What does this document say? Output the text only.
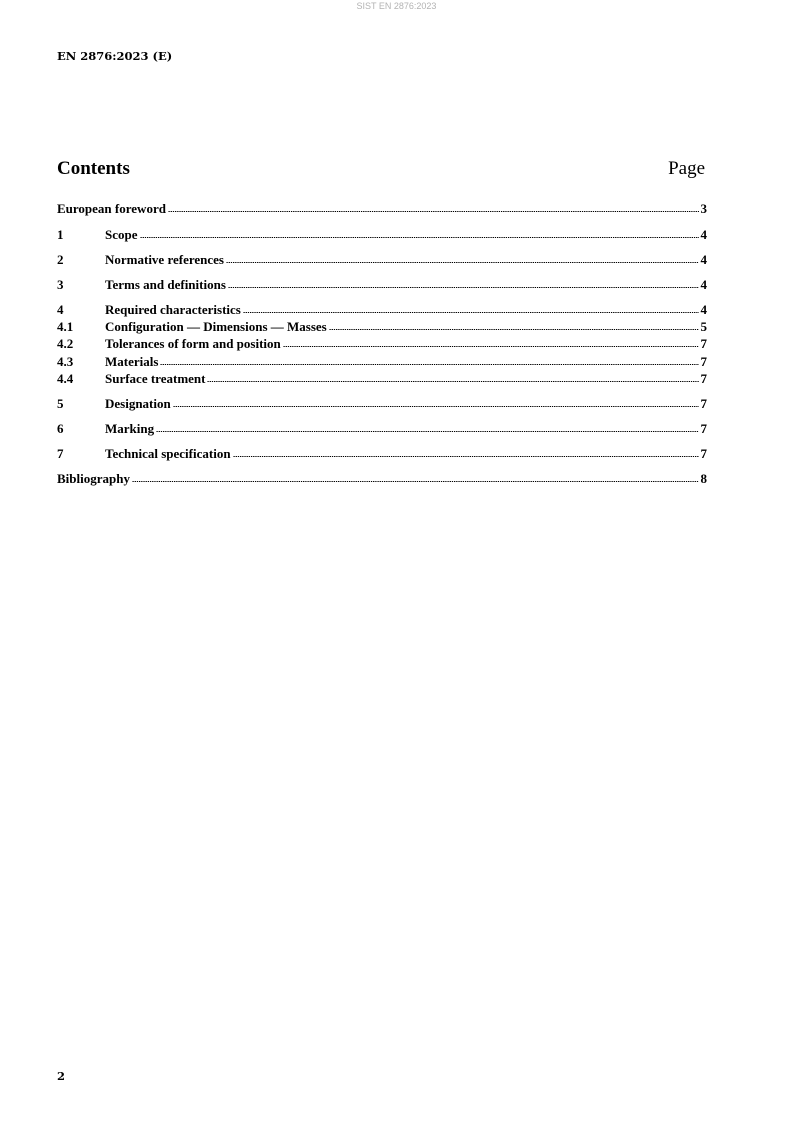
SIST EN 2876:2023
EN 2876:2023 (E)
Contents	Page
European foreword	3
1	Scope	4
2	Normative references	4
3	Terms and definitions	4
4	Required characteristics	4
4.1	Configuration — Dimensions — Masses	5
4.2	Tolerances of form and position	7
4.3	Materials	7
4.4	Surface treatment	7
5	Designation	7
6	Marking	7
7	Technical specification	7
Bibliography	8
2
